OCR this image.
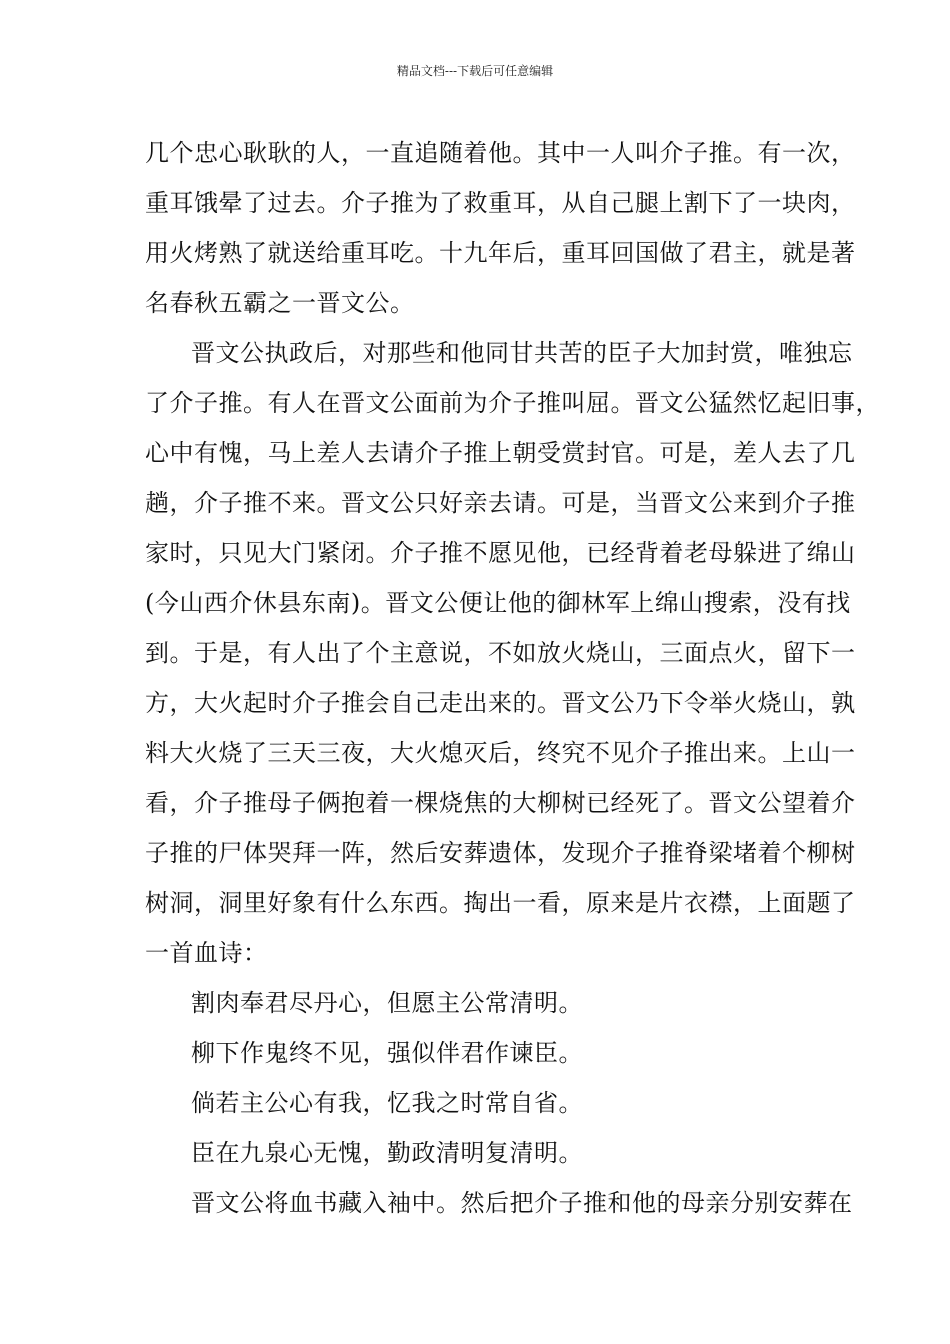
精品文档---下载后可任意编辑
几个忠心耿耿的人，一直追随着他。其中一人叫介子推。有一次，
重耳饿晕了过去。介子推为了救重耳，从自己腿上割下了一块肉，
用火烤熟了就送给重耳吃。十九年后，重耳回国做了君主，就是著
名春秋五霸之一晋文公。
晋文公执政后，对那些和他同甘共苦的臣子大加封赏，唯独忘
了介子推。有人在晋文公面前为介子推叫屈。晋文公猛然忆起旧事，
心中有愧，马上差人去请介子推上朝受赏封官。可是，差人去了几
趟，介子推不来。晋文公只好亲去请。可是，当晋文公来到介子推
家时，只见大门紧闭。介子推不愿见他，已经背着老母躲进了绵山
(今山西介休县东南)。晋文公便让他的御林军上绵山搜索，没有找
到。于是，有人出了个主意说，不如放火烧山，三面点火，留下一
方，大火起时介子推会自己走出来的。晋文公乃下令举火烧山，孰
料大火烧了三天三夜，大火熄灭后，终究不见介子推出来。上山一
看，介子推母子俩抱着一棵烧焦的大柳树已经死了。晋文公望着介
子推的尸体哭拜一阵，然后安葬遗体，发现介子推脊梁堵着个柳树
树洞，洞里好象有什么东西。掏出一看，原来是片衣襟，上面题了
一首血诗：
割肉奉君尽丹心，但愿主公常清明。
柳下作鬼终不见，强似伴君作谏臣。
倘若主公心有我，忆我之时常自省。
臣在九泉心无愧，勤政清明复清明。
晋文公将血书藏入袖中。然后把介子推和他的母亲分别安葬在
